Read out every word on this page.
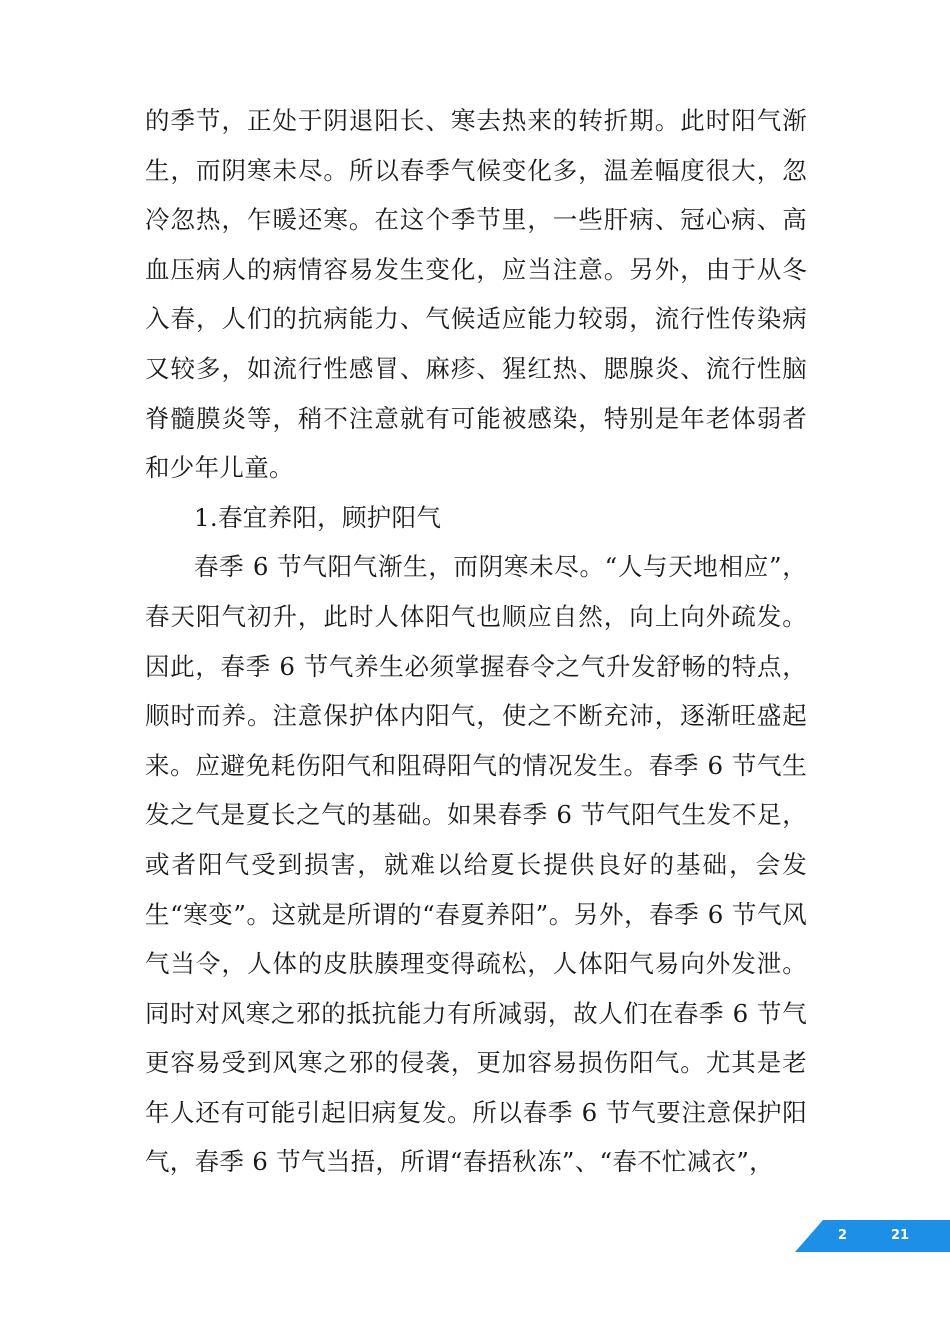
的季节，正处于阴退阳长、寒去热来的转折期。此时阳气渐生，而阴寒未尽。所以春季气候变化多，温差幅度很大，忽冷忽热，乍暖还寒。在这个季节里，一些肝病、冠心病、高血压病人的病情容易发生变化，应当注意。另外，由于从冬入春，人们的抗病能力、气候适应能力较弱，流行性传染病又较多，如流行性感冒、麻疹、猩红热、腮腺炎、流行性脑脊髓膜炎等，稍不注意就有可能被感染，特别是年老体弱者和少年儿童。

1.春宜养阳，顾护阳气

春季 6 节气阳气渐生，而阴寒未尽。“人与天地相应”，春天阳气初升，此时人体阳气也顺应自然，向上向外疏发。因此，春季 6 节气养生必须掌握春令之气升发舒畅的特点，顺时而养。注意保护体内阳气，使之不断充沛，逐渐旺盛起来。应避免耗伤阳气和阻碍阳气的情况发生。春季 6 节气生发之气是夏长之气的基础。如果春季 6 节气阳气生发不足，或者阳气受到损害，就难以给夏长提供良好的基础，会发生“寒变”。这就是所谓的“春夏养阳”。另外，春季 6 节气风气当令，人体的皮肤腠理变得疏松，人体阳气易向外发泄。同时对风寒之邪的抵抗能力有所减弱，故人们在春季 6 节气更容易受到风寒之邪的侵袭，更加容易损伤阳气。尤其是老年人还有可能引起旧病复发。所以春季 6 节气要注意保护阳气，春季 6 节气当捂，所谓“春捂秋冻”、“春不忙减衣”，

2	21
